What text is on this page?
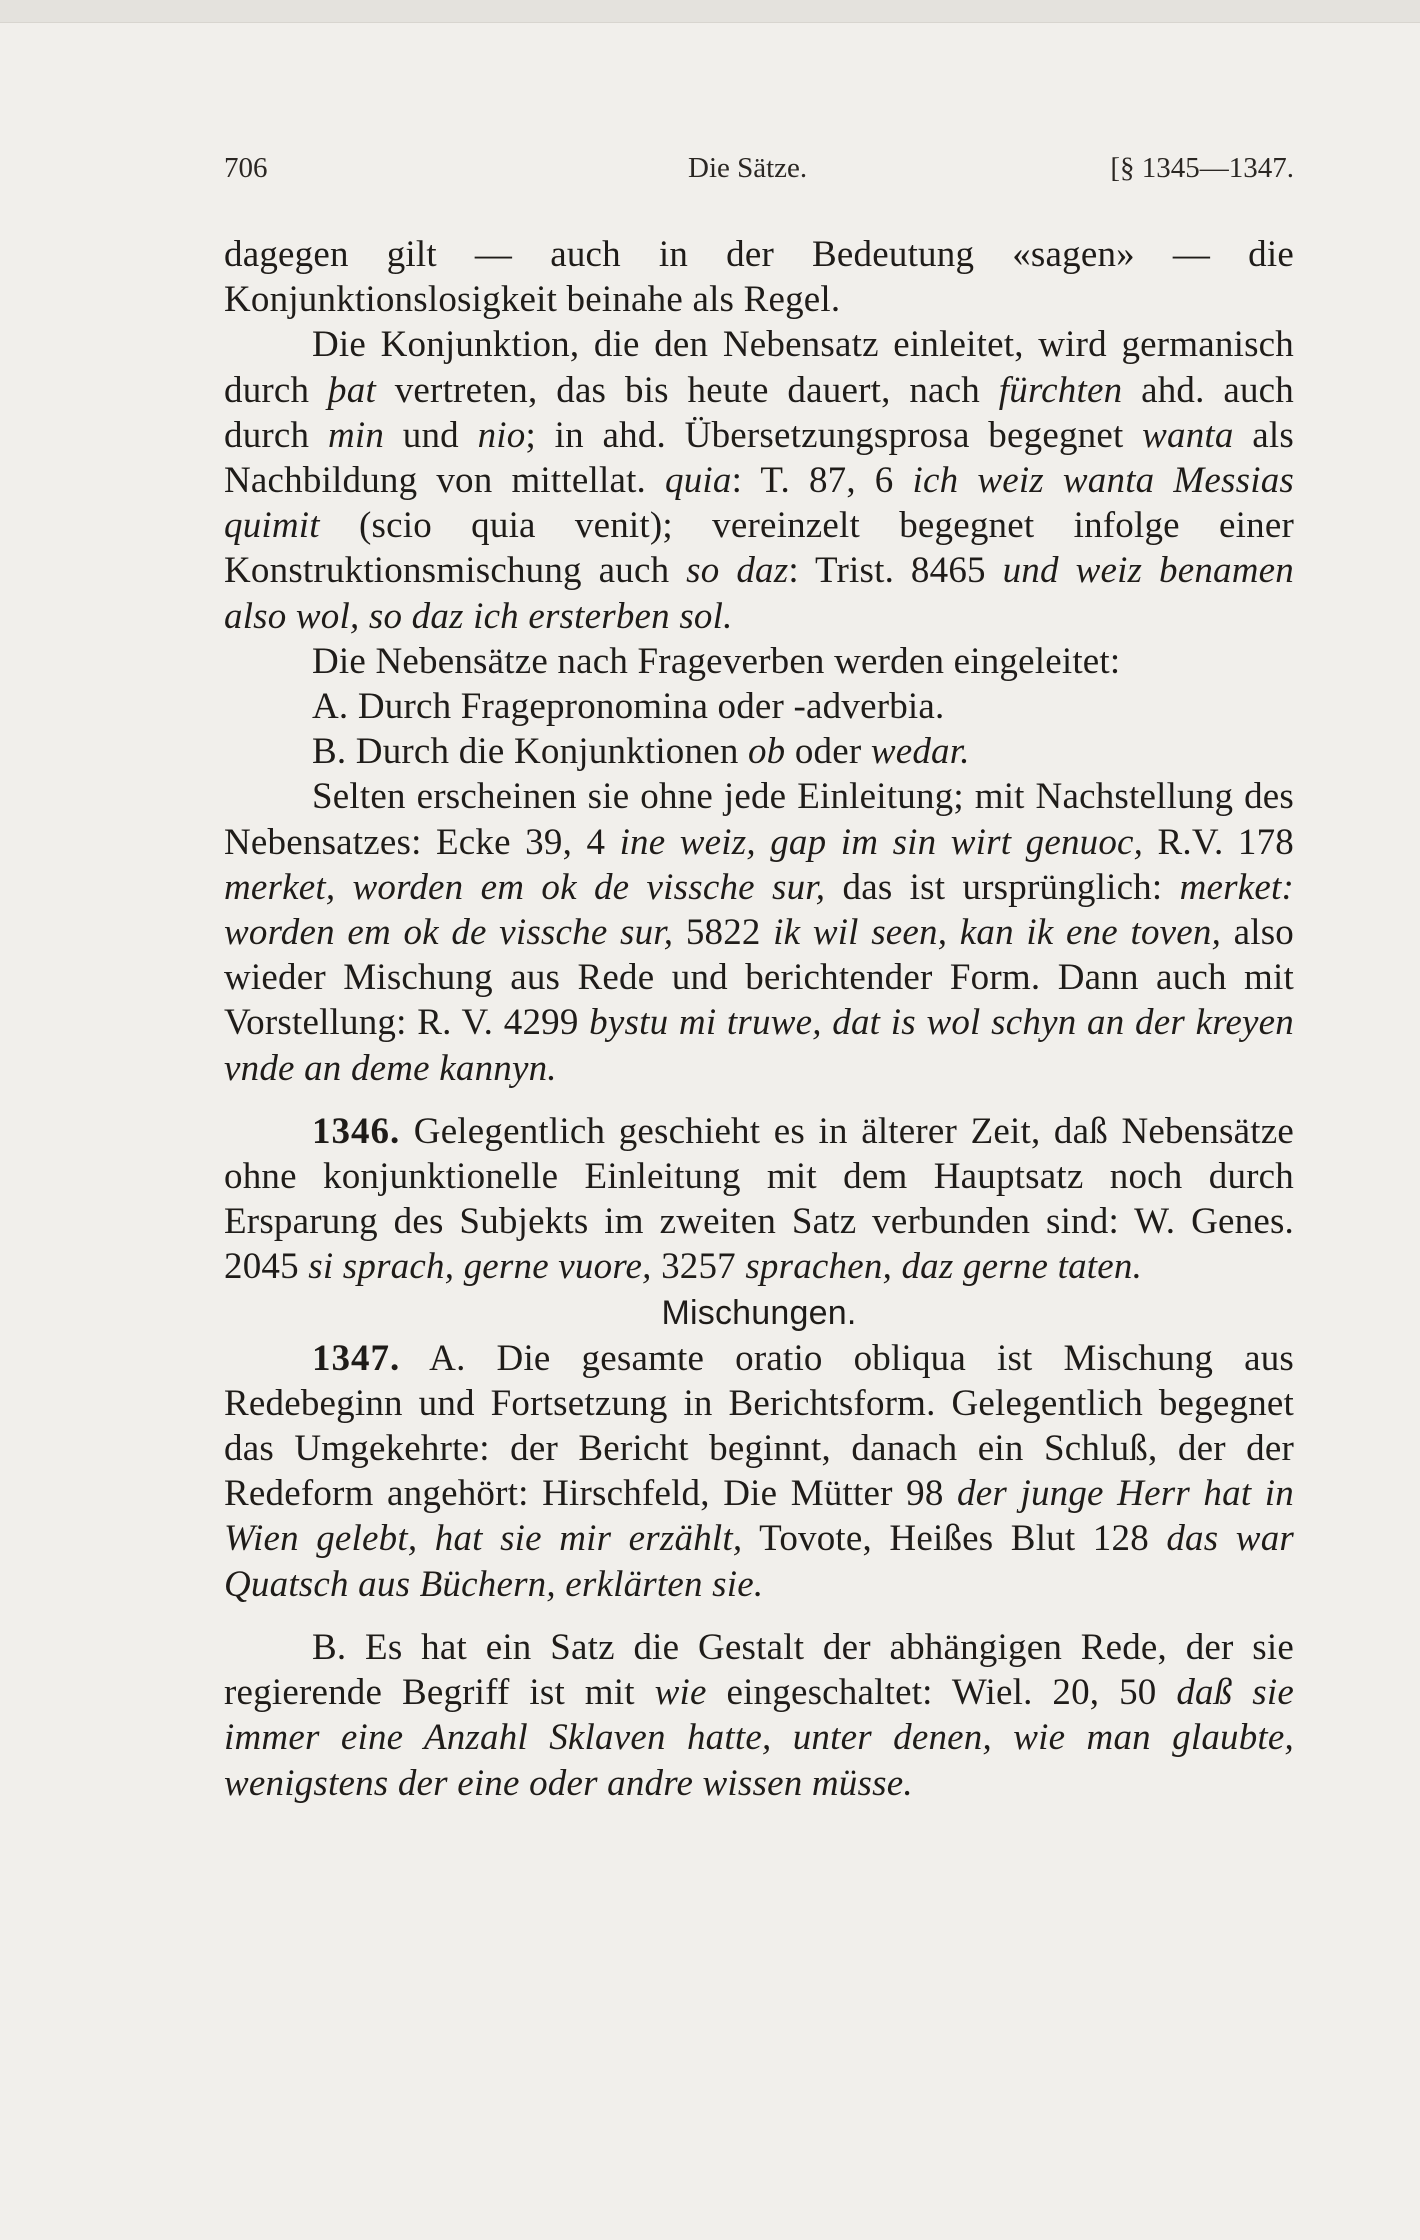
706	Die Sätze.	[§ 1345—1347.

dagegen gilt — auch in der Bedeutung «sagen» — die Konjunktionslosigkeit beinahe als Regel.

Die Konjunktion, die den Nebensatz einleitet, wird germanisch durch þat vertreten, das bis heute dauert, nach fürchten ahd. auch durch min und nio; in ahd. Übersetzungsprosa begegnet wanta als Nachbildung von mittellat. quia: T. 87, 6 ich weiz wanta Messias quimit (scio quia venit); vereinzelt begegnet infolge einer Konstruktionsmischung auch so daz: Trist. 8465 und weiz benamen also wol, so daz ich ersterben sol.

Die Nebensätze nach Frageverben werden eingeleitet:

A. Durch Fragepronomina oder -adverbia.

B. Durch die Konjunktionen ob oder wedar.

Selten erscheinen sie ohne jede Einleitung; mit Nachstellung des Nebensatzes: Ecke 39, 4 ine weiz, gap im sin wirt genuoc, R.V. 178 merket, worden em ok de vissche sur, das ist ursprünglich: merket: worden em ok de vissche sur, 5822 ik wil seen, kan ik ene toven, also wieder Mischung aus Rede und berichtender Form. Dann auch mit Vorstellung: R. V. 4299 bystu mi truwe, dat is wol schyn an der kreyen vnde an deme kannyn.

1346. Gelegentlich geschieht es in älterer Zeit, daß Nebensätze ohne konjunktionelle Einleitung mit dem Hauptsatz noch durch Ersparung des Subjekts im zweiten Satz verbunden sind: W. Genes. 2045 si sprach, gerne vuore, 3257 sprachen, daz gerne taten.

Mischungen.

1347. A. Die gesamte oratio obliqua ist Mischung aus Redebeginn und Fortsetzung in Berichtsform. Gelegentlich begegnet das Umgekehrte: der Bericht beginnt, danach ein Schluß, der der Redeform angehört: Hirschfeld, Die Mütter 98 der junge Herr hat in Wien gelebt, hat sie mir erzählt, Tovote, Heißes Blut 128 das war Quatsch aus Büchern, erklärten sie.

B. Es hat ein Satz die Gestalt der abhängigen Rede, der sie regierende Begriff ist mit wie eingeschaltet: Wiel. 20, 50 daß sie immer eine Anzahl Sklaven hatte, unter denen, wie man glaubte, wenigstens der eine oder andre wissen müsse.
